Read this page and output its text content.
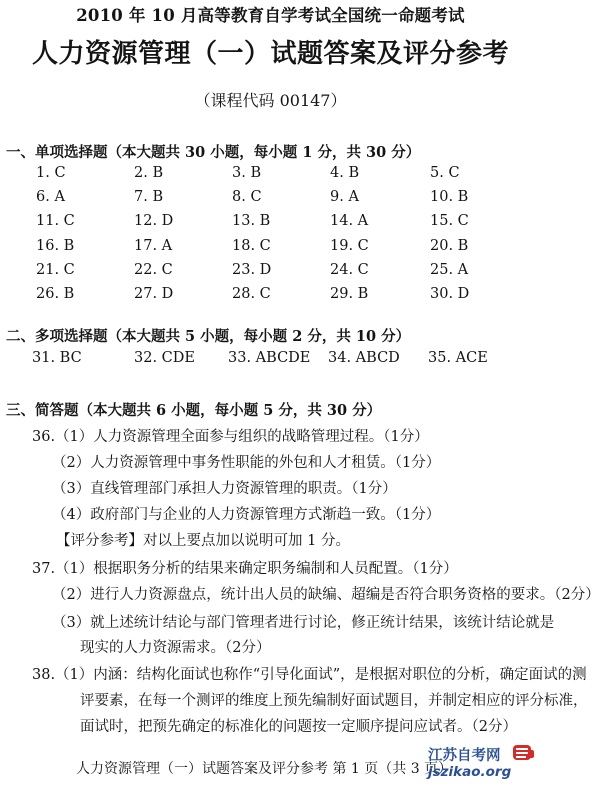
2010 年 10 月高等教育自学考试全国统一命题考试
人力资源管理（一）试题答案及评分参考
（课程代码 00147）
一、单项选择题（本大题共 30 小题，每小题 1 分，共 30 分）
1. C	2. B	3. B	4. B	5. C
6. A	7. B	8. C	9. A	10. B
11. C	12. D	13. B	14. A	15. C
16. B	17. A	18. C	19. C	20. B
21. C	22. C	23. D	24. C	25. A
26. B	27. D	28. C	29. B	30. D
二、多项选择题（本大题共 5 小题，每小题 2 分，共 10 分）
31. BC	32. CDE 33. ABCDE 34. ABCD 35. ACE
三、简答题（本大题共 6 小题，每小题 5 分，共 30 分）
36.（1）人力资源管理全面参与组织的战略管理过程。（1分）
（2）人力资源管理中事务性职能的外包和人才租赁。（1分）
（3）直线管理部门承担人力资源管理的职责。（1分）
（4）政府部门与企业的人力资源管理方式渐趋一致。（1分）
【评分参考】对以上要点加以说明可加 1 分。
37.（1）根据职务分析的结果来确定职务编制和人员配置。（1分）
（2）进行人力资源盘点，统计出人员的缺编、超编是否符合职务资格的要求。（2分）
（3）就上述统计结论与部门管理者进行讨论，修正统计结果，该统计结论就是
现实的人力资源需求。（2分）
38.（1）内涵：结构化面试也称作“引导化面试”，是根据对职位的分析，确定面试的测
评要素，在每一个测评的维度上预先编制好面试题目，并制定相应的评分标准，
面试时，把预先确定的标准化的问题按一定顺序提问应试者。（2分）
人力资源管理（一）试题答案及评分参考 第 1 页（共 3 页）
江苏自考网
jszikao.org
